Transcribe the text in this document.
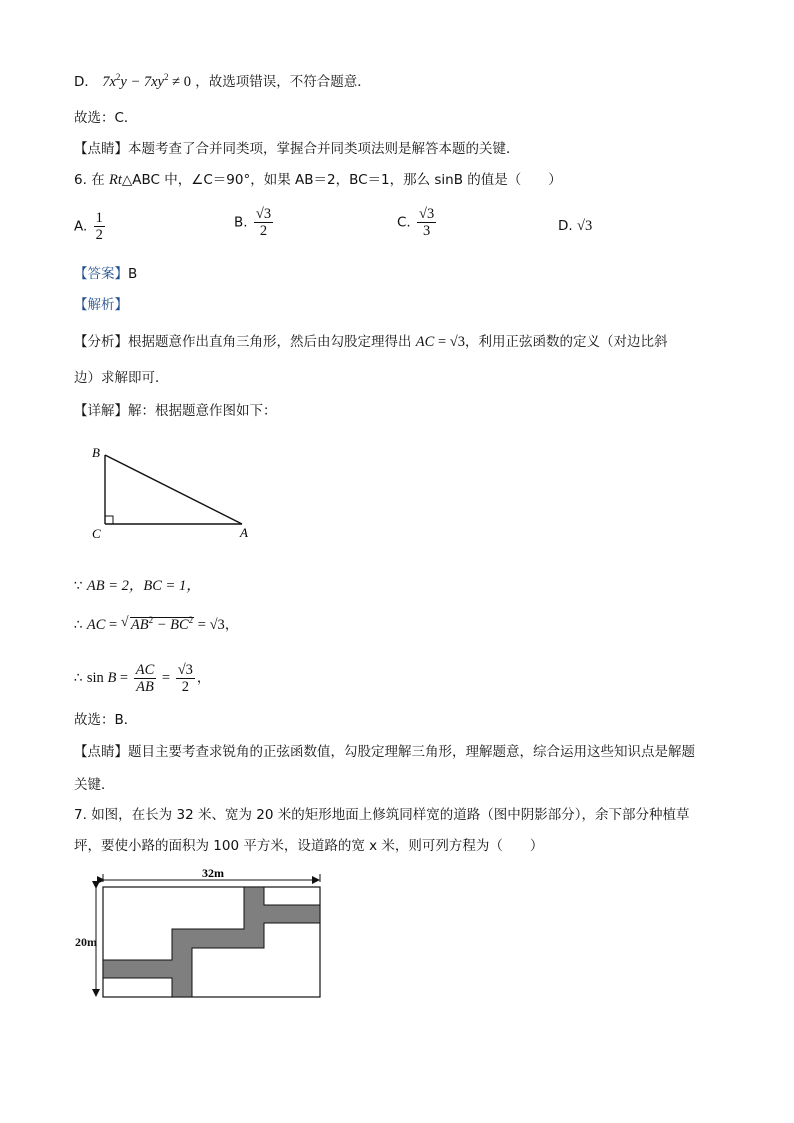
D． $7x^2y - 7xy^2 \ne 0$ ，故选项错误，不符合题意．
故选：C．
【点睛】本题考查了合并同类项，掌握合并同类项法则是解答本题的关键．
6. 在 Rt△ABC 中，∠C＝90°，如果 AB＝2，BC＝1，那么 sinB 的值是（　　）
A. $\frac{1}{2}$	B. $\frac{√3}{2}$	C. $\frac{√3}{3}$	D. √3
【答案】B
【解析】
【分析】根据题意作出直角三角形，然后由勾股定理得出 AC = √3，利用正弦函数的定义（对边比斜
边）求解即可．
【详解】解：根据题意作图如下：
B
C	A
∵ AB = 2，BC = 1，
∴ AC = √ $AB^2 - BC^2 = √3$，
∴ $\sin B = \frac{AC}{AB} = \frac{√3}{2}$ ，
故选：B．
【点睛】题目主要考查求锐角的正弦函数值，勾股定理解三角形，理解题意，综合运用这些知识点是解题
关键．
7. 如图，在长为 32 米、宽为 20 米的矩形地面上修筑同样宽的道路（图中阴影部分），余下部分种植草
坪，要使小路的面积为 100 平方米，设道路的宽 x 米，则可列方程为（　　）
32m
20m
